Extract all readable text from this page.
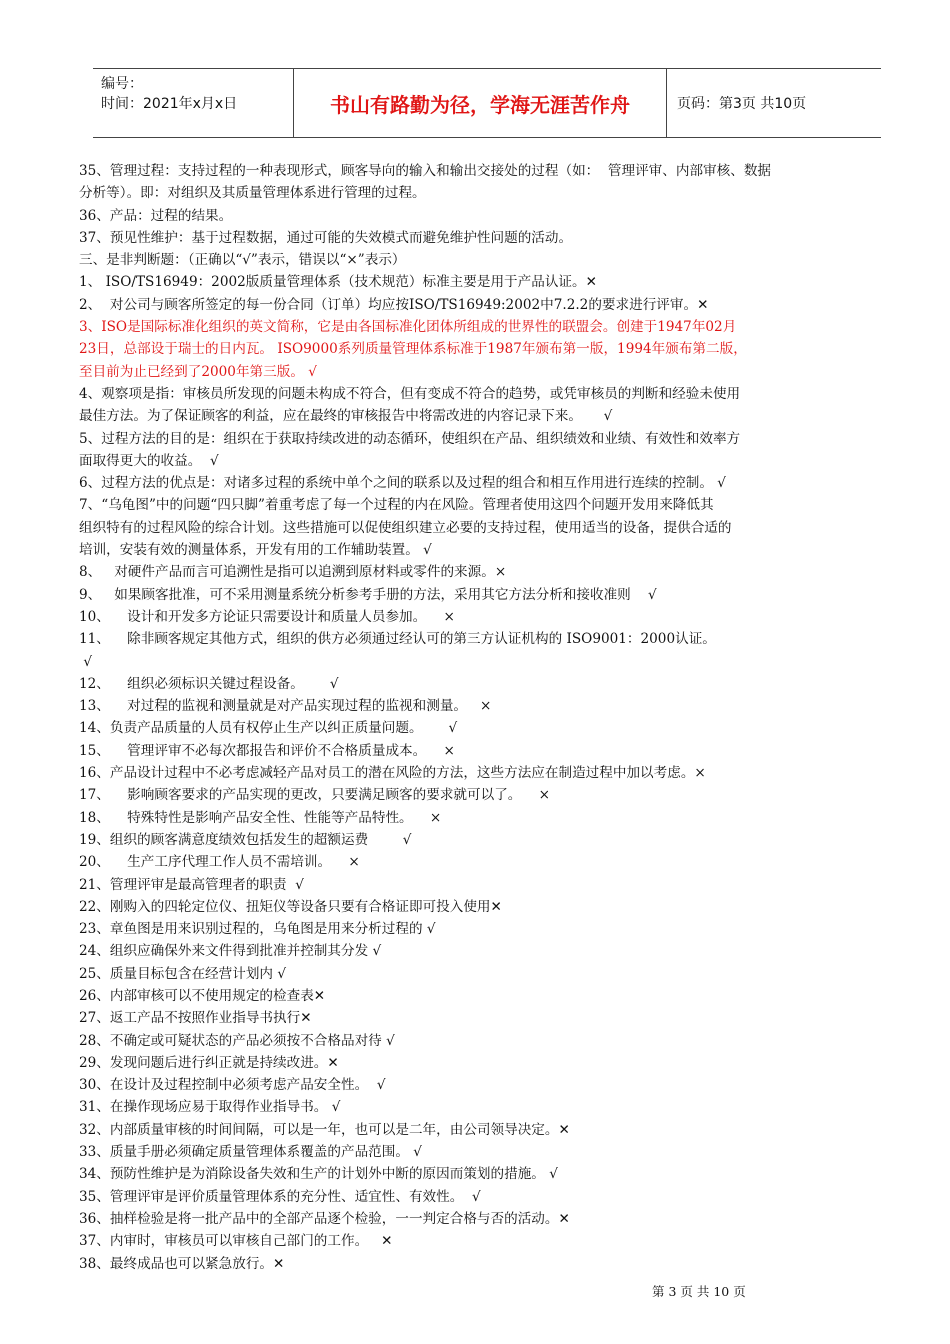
编号：
时间：2021年x月x日	书山有路勤为径，学海无涯苦作舟	页码：第3页 共10页
35、管理过程：支持过程的一种表现形式，顾客导向的输入和输出交接处的过程（如：  管理评审、内部审核、数据
分析等）。即：对组织及其质量管理体系进行管理的过程。
36、产品：过程的结果。
37、预见性维护：基于过程数据，通过可能的失效模式而避免维护性问题的活动。
三、是非判断题：（正确以“√”表示，错误以“×”表示）
1、 ISO/TS16949：2002版质量管理体系（技术规范）标准主要是用于产品认证。✕
2、  对公司与顾客所签定的每一份合同（订单）均应按ISO/TS16949:2002中7.2.2的要求进行评审。✕
3、ISO是国际标准化组织的英文简称，它是由各国标准化团体所组成的世界性的联盟会。创建于1947年02月
23日，总部设于瑞士的日内瓦。 ISO9000系列质量管理体系标准于1987年颁布第一版，1994年颁布第二版，
至目前为止已经到了2000年第三版。 √
4、观察项是指：审核员所发现的问题未构成不符合，但有变成不符合的趋势，或凭审核员的判断和经验未使用
最佳方法。为了保证顾客的利益，应在最终的审核报告中将需改进的内容记录下来。     √
5、过程方法的目的是：组织在于获取持续改进的动态循环，使组织在产品、组织绩效和业绩、有效性和效率方
面取得更大的收益。  √
6、过程方法的优点是：对诸多过程的系统中单个之间的联系以及过程的组合和相互作用进行连续的控制。 √
7、“乌龟图”中的问题“四只脚”着重考虑了每一个过程的内在风险。管理者使用这四个问题开发用来降低其
组织特有的过程风险的综合计划。这些措施可以促使组织建立必要的支持过程，使用适当的设备，提供合适的
培训，安装有效的测量体系，开发有用的工作辅助装置。 √
8、   对硬件产品而言可追溯性是指可以追溯到原材料或零件的来源。×
9、   如果顾客批准，可不采用测量系统分析参考手册的方法，采用其它方法分析和接收准则    √
10、    设计和开发多方论证只需要设计和质量人员参加。    ×
11、    除非顾客规定其他方式，组织的供方必须通过经认可的第三方认证机构的 ISO9001：2000认证。
√
12、    组织必须标识关键过程设备。      √
13、    对过程的监视和测量就是对产品实现过程的监视和测量。   ×
14、负责产品质量的人员有权停止生产以纠正质量问题。      √
15、    管理评审不必每次都报告和评价不合格质量成本。    ×
16、产品设计过程中不必考虑减轻产品对员工的潜在风险的方法，这些方法应在制造过程中加以考虑。×
17、    影响顾客要求的产品实现的更改，只要满足顾客的要求就可以了。    ×
18、    特殊特性是影响产品安全性、性能等产品特性。    ×
19、组织的顾客满意度绩效包括发生的超额运费        √
20、    生产工序代理工作人员不需培训。    ×
21、管理评审是最高管理者的职责  √
22、刚购入的四轮定位仪、扭矩仪等设备只要有合格证即可投入使用✕
23、章鱼图是用来识别过程的，乌龟图是用来分析过程的 √
24、组织应确保外来文件得到批准并控制其分发 √
25、质量目标包含在经营计划内 √
26、内部审核可以不使用规定的检查表✕
27、返工产品不按照作业指导书执行✕
28、不确定或可疑状态的产品必须按不合格品对待 √
29、发现问题后进行纠正就是持续改进。✕
30、在设计及过程控制中必须考虑产品安全性。  √
31、在操作现场应易于取得作业指导书。 √
32、内部质量审核的时间间隔，可以是一年，也可以是二年，由公司领导决定。✕
33、质量手册必须确定质量管理体系覆盖的产品范围。 √
34、预防性维护是为消除设备失效和生产的计划外中断的原因而策划的措施。 √
35、管理评审是评价质量管理体系的充分性、适宜性、有效性。  √
36、抽样检验是将一批产品中的全部产品逐个检验，一一判定合格与否的活动。✕
37、内审时，审核员可以审核自己部门的工作。   ✕
38、最终成品也可以紧急放行。✕
第 3 页 共 10 页
